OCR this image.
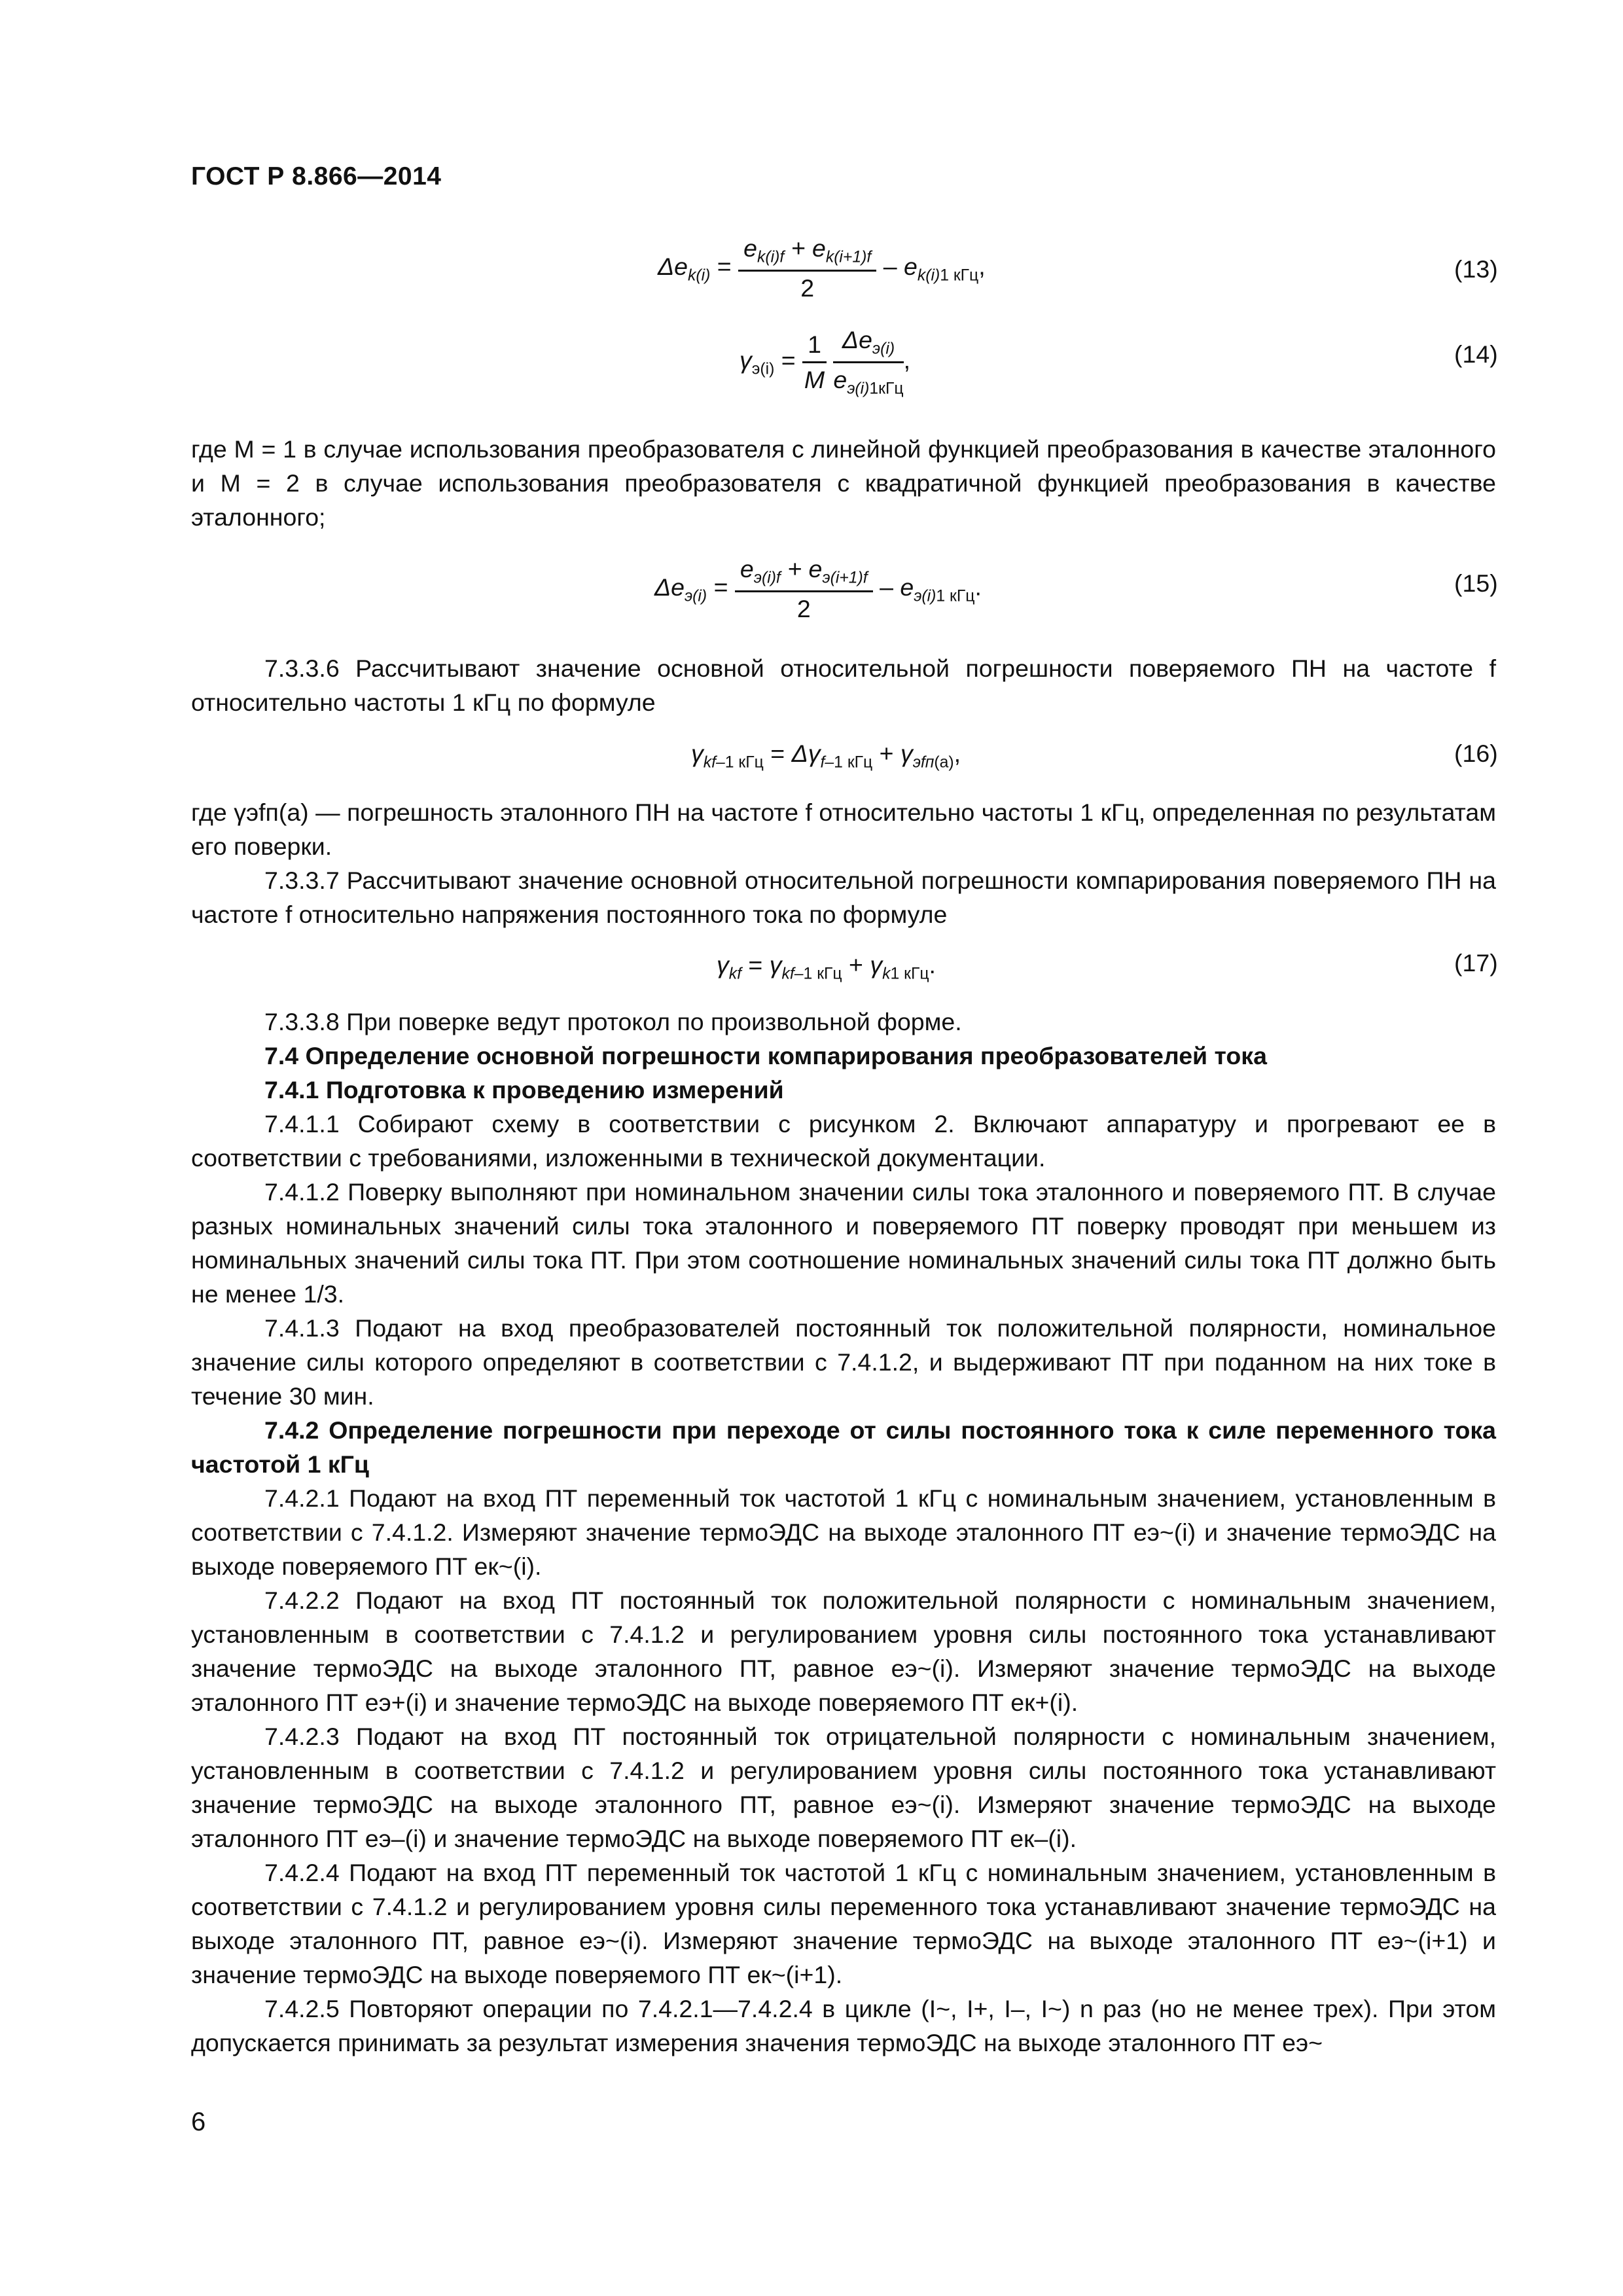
ГОСТ Р 8.866—2014
$\Delta e_{k(i)} = \frac{e_{k(i)f} + e_{k(i+1)f}}{2} - e_{k(i)1 кГц}$,	(13)
$\gamma_{э(i)} = \frac{1}{M}$
$\frac{\Delta e_{э(i)}}{e_{э(i)1кГц}}$ ,	(14)

где M = 1 в случае использования преобразователя с линейной функцией преобразования в качестве эталонного и M = 2 в случае использования преобразователя с квадратичной функцией преобразования в качестве эталонного;

$\Delta e_{э(i)} = \frac{e_{э(i)f} + e_{э(i+1)f}}{2} - e_{э(i)1 кГц}$.	(15)

7.3.3.6 Рассчитывают значение основной относительной погрешности поверяемого ПН на частоте f относительно частоты 1 кГц по формуле

$\gamma_{kf-1 кГц} = \Delta\gamma_{f-1 кГц} + \gamma_{эfп(a)}$,	(16)

где γэfп(a) — погрешность эталонного ПН на частоте f относительно частоты 1 кГц, определенная по результатам его поверки.

7.3.3.7 Рассчитывают значение основной относительной погрешности компарирования поверяемого ПН на частоте f относительно напряжения постоянного тока по формуле

$\gamma_{kf} = \gamma_{kf-1 кГц} + \gamma_{k1 кГц}$.	(17)

7.3.3.8 При поверке ведут протокол по произвольной форме.

7.4 Определение основной погрешности компарирования преобразователей тока

7.4.1 Подготовка к проведению измерений

7.4.1.1 Собирают схему в соответствии с рисунком 2. Включают аппаратуру и прогревают ее в соответствии с требованиями, изложенными в технической документации.

7.4.1.2 Поверку выполняют при номинальном значении силы тока эталонного и поверяемого ПТ. В случае разных номинальных значений силы тока эталонного и поверяемого ПТ поверку проводят при меньшем из номинальных значений силы тока ПТ. При этом соотношение номинальных значений силы тока ПТ должно быть не менее 1/3.

7.4.1.3 Подают на вход преобразователей постоянный ток положительной полярности, номинальное значение силы которого определяют в соответствии с 7.4.1.2, и выдерживают ПТ при поданном на них токе в течение 30 мин.

7.4.2 Определение погрешности при переходе от силы постоянного тока к силе переменного тока частотой 1 кГц

7.4.2.1 Подают на вход ПТ переменный ток частотой 1 кГц с номинальным значением, установленным в соответствии с 7.4.1.2. Измеряют значение термоЭДС на выходе эталонного ПТ eэ~(i) и значение термоЭДС на выходе поверяемого ПТ eк~(i).

7.4.2.2 Подают на вход ПТ постоянный ток положительной полярности с номинальным значением, установленным в соответствии с 7.4.1.2 и регулированием уровня силы постоянного тока устанавливают значение термоЭДС на выходе эталонного ПТ, равное eэ~(i). Измеряют значение термоЭДС на выходе эталонного ПТ eэ+(i) и значение термоЭДС на выходе поверяемого ПТ eк+(i).

7.4.2.3 Подают на вход ПТ постоянный ток отрицательной полярности с номинальным значением, установленным в соответствии с 7.4.1.2 и регулированием уровня силы постоянного тока устанавливают значение термоЭДС на выходе эталонного ПТ, равное eэ~(i). Измеряют значение термоЭДС на выходе эталонного ПТ eэ–(i) и значение термоЭДС на выходе поверяемого ПТ eк–(i).

7.4.2.4 Подают на вход ПТ переменный ток частотой 1 кГц с номинальным значением, установленным в соответствии с 7.4.1.2 и регулированием уровня силы переменного тока устанавливают значение термоЭДС на выходе эталонного ПТ, равное eэ~(i). Измеряют значение термоЭДС на выходе эталонного ПТ eэ~(i+1) и значение термоЭДС на выходе поверяемого ПТ eк~(i+1).

7.4.2.5 Повторяют операции по 7.4.2.1—7.4.2.4 в цикле (I~, I+, I–, I~) n раз (но не менее трех). При этом допускается принимать за результат измерения значения термоЭДС на выходе эталонного ПТ eэ~

6
